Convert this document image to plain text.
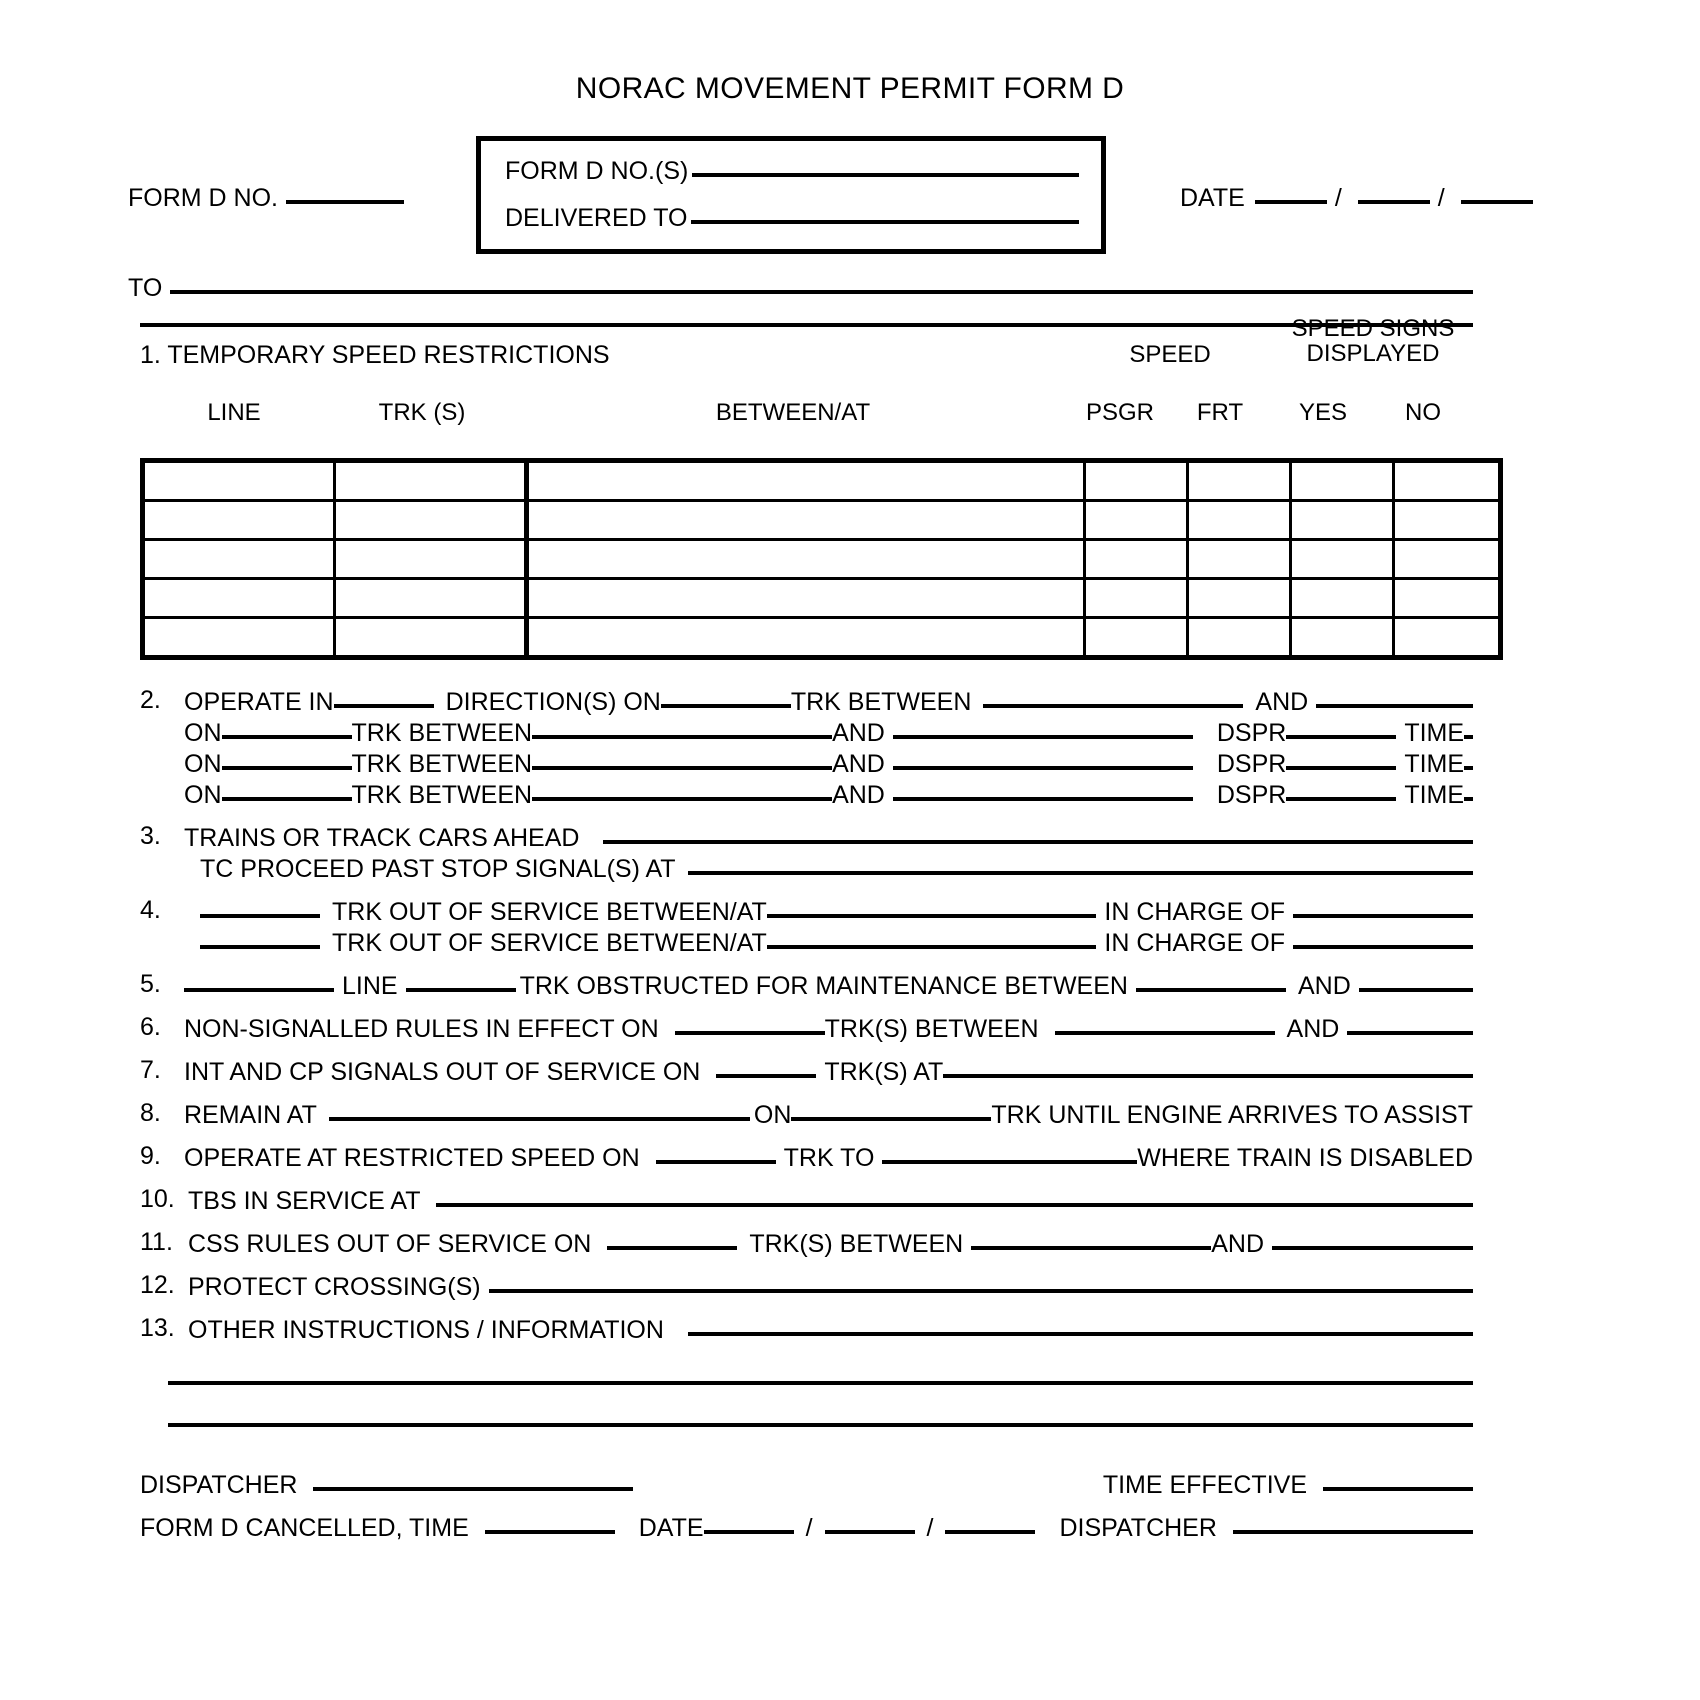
NORAC MOVEMENT PERMIT FORM D
FORM D NO.
FORM D NO.(S)
DELIVERED TO
DATE	/	/
TO
1. TEMPORARY SPEED RESTRICTIONS	SPEED
SPEED SIGNS
DISPLAYED
LINE	TRK (S)	BETWEEN/AT	PSGR	FRT	YES	NO

2. OPERATE IN	DIRECTION(S) ON	TRK BETWEEN	AND
ON	TRK BETWEEN	AND	DSPR	TIME
ON	TRK BETWEEN	AND	DSPR	TIME
ON	TRK BETWEEN	AND	DSPR	TIME
3. TRAINS OR TRACK CARS AHEAD
TC PROCEED PAST STOP SIGNAL(S) AT
4.	TRK OUT OF SERVICE BETWEEN/AT	IN CHARGE OF
TRK OUT OF SERVICE BETWEEN/AT	IN CHARGE OF
5.	LINE	TRK OBSTRUCTED FOR MAINTENANCE BETWEEN	AND
6. NON-SIGNALLED RULES IN EFFECT ON	TRK(S) BETWEEN	AND
7. INT AND CP SIGNALS OUT OF SERVICE ON	TRK(S) AT
8. REMAIN AT	ON	TRK UNTIL ENGINE ARRIVES TO ASSIST
9. OPERATE AT RESTRICTED SPEED ON	TRK TO	WHERE TRAIN IS DISABLED
10. TBS IN SERVICE AT
11. CSS RULES OUT OF SERVICE ON	TRK(S) BETWEEN	AND
12. PROTECT CROSSING(S)
13. OTHER INSTRUCTIONS / INFORMATION
DISPATCHER	TIME EFFECTIVE
FORM D CANCELLED, TIME	DATE	/	/	DISPATCHER
